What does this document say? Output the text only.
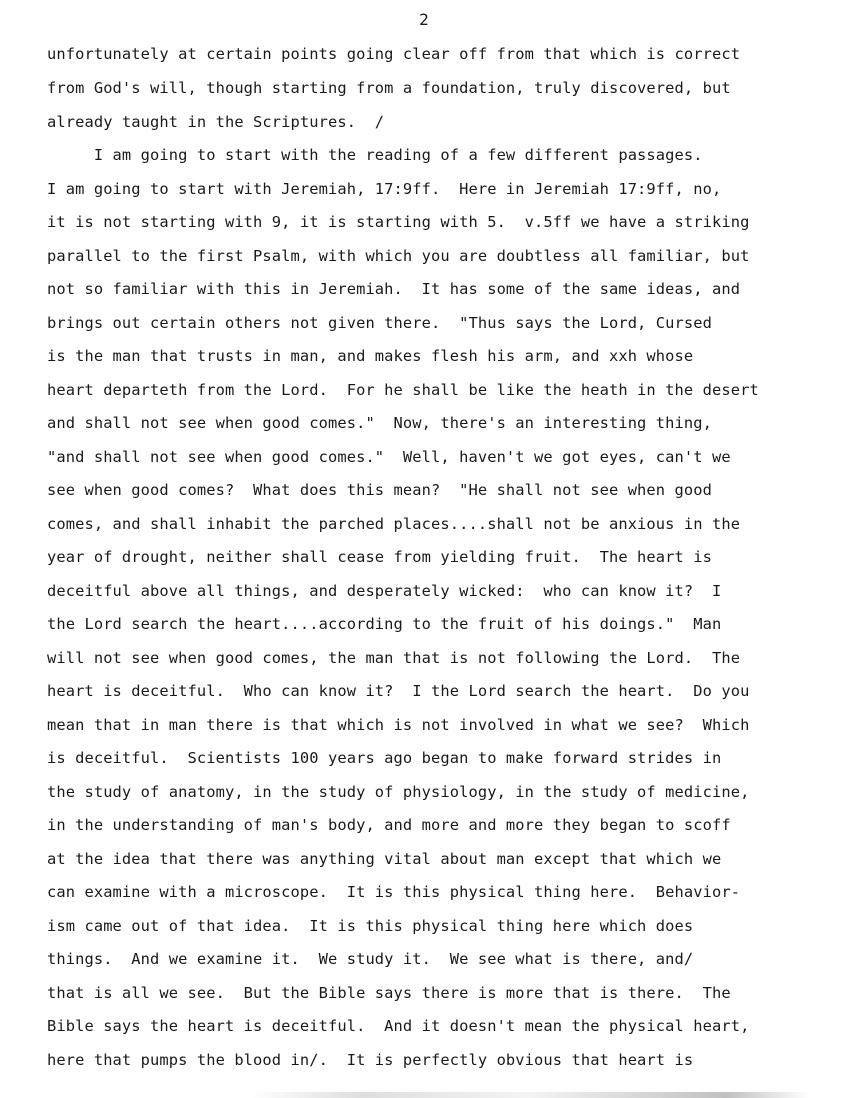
2
unfortunately at certain points going clear off from that which is correct
from God's will, though starting from a foundation, truly discovered, but
already taught in the Scriptures.  ∕
I am going to start with the reading of a few different passages.
I am going to start with Jeremiah, 17:9ff.  Here in Jeremiah 17:9ff, no,
it is not starting with 9, it is starting with 5.  v.5ff we have a striking
parallel to the first Psalm, with which you are doubtless all familiar, but
not so familiar with this in Jeremiah.  It has some of the same ideas, and
brings out certain others not given there.  "Thus says the Lord, Cursed
is the man that trusts in man, and makes flesh his arm, and xxh whose
heart departeth from the Lord.  For he shall be like the heath in the desert
and shall not see when good comes."  Now, there's an interesting thing,
"and shall not see when good comes."  Well, haven't we got eyes, can't we
see when good comes?  What does this mean?  "He shall not see when good
comes, and shall inhabit the parched places....shall not be anxious in the
year of drought, neither shall cease from yielding fruit.  The heart is
deceitful above all things, and desperately wicked:  who can know it?  I
the Lord search the heart....according to the fruit of his doings."  Man
will not see when good comes, the man that is not following the Lord.  The
heart is deceitful.  Who can know it?  I the Lord search the heart.  Do you
mean that in man there is that which is not involved in what we see?  Which
is deceitful.  Scientists 100 years ago began to make forward strides in
the study of anatomy, in the study of physiology, in the study of medicine,
in the understanding of man's body, and more and more they began to scoff
at the idea that there was anything vital about man except that which we
can examine with a microscope.  It is this physical thing here.  Behavior-
ism came out of that idea.  It is this physical thing here which does
things.  And we examine it.  We study it.  We see what is there, and∕
that is all we see.  But the Bible says there is more that is there.  The
Bible says the heart is deceitful.  And it doesn't mean the physical heart,
here that pumps the blood in∕.  It is perfectly obvious that heart is
